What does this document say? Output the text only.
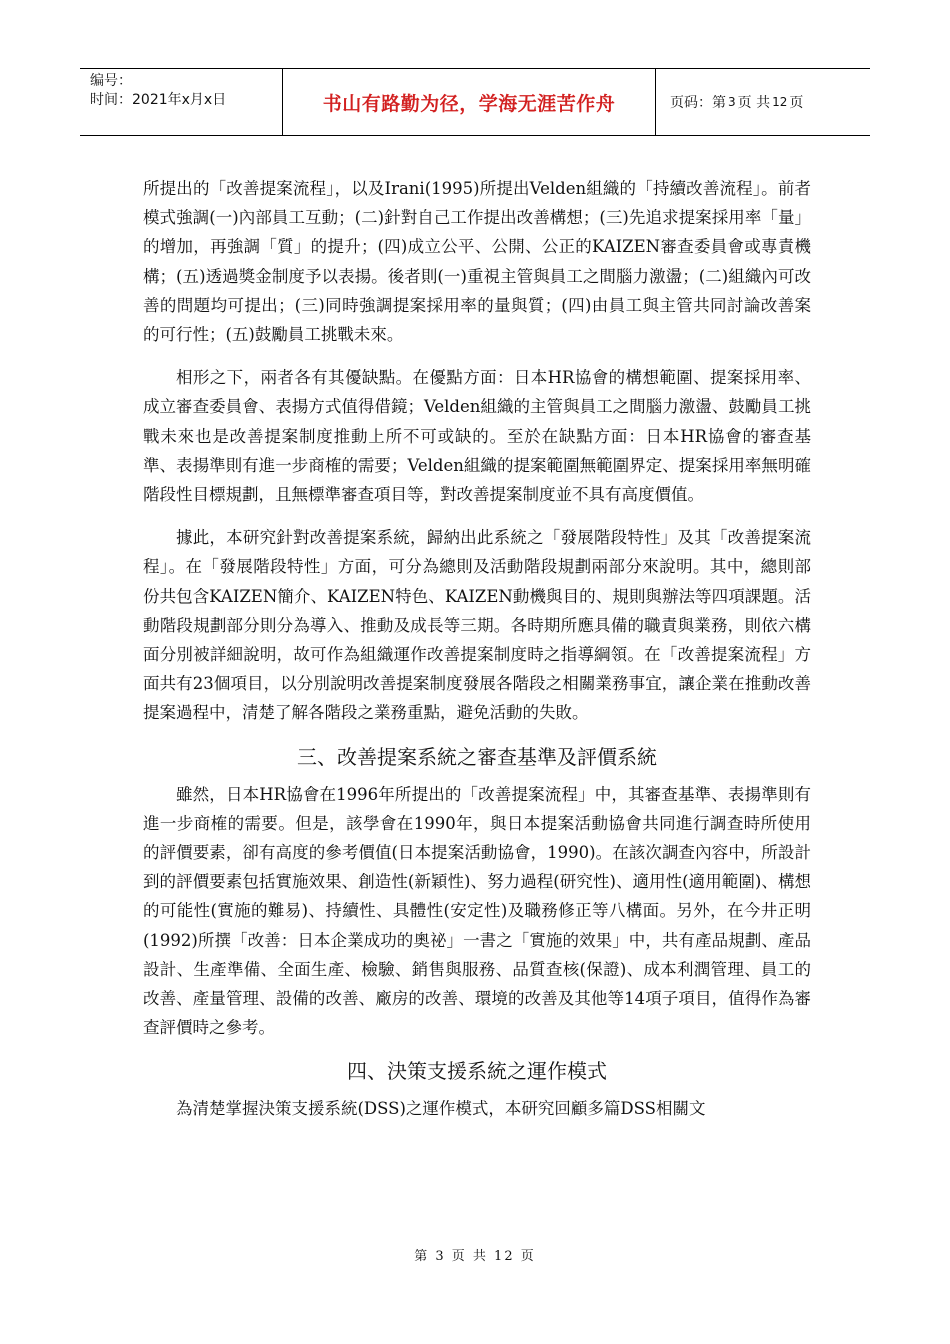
编号：
时间：2021年x月x日	书山有路勤为径，学海无涯苦作舟	页码：第 3 页 共 12 页

所提出的「改善提案流程」，以及Irani(1995)所提出Velden組織的「持續改善流程」。前者模式強調(一)內部員工互動；(二)針對自己工作提出改善構想；(三)先追求提案採用率「量」的增加，再強調「質」的提升；(四)成立公平、公開、公正的KAIZEN審查委員會或專責機構；(五)透過獎金制度予以表揚。後者則(一)重視主管與員工之間腦力激盪；(二)組織內可改善的問題均可提出；(三)同時強調提案採用率的量與質；(四)由員工與主管共同討論改善案的可行性；(五)鼓勵員工挑戰未來。

相形之下，兩者各有其優缺點。在優點方面：日本HR協會的構想範圍、提案採用率、成立審查委員會、表揚方式值得借鏡；Velden組織的主管與員工之間腦力激盪、鼓勵員工挑戰未來也是改善提案制度推動上所不可或缺的。至於在缺點方面：日本HR協會的審查基準、表揚準則有進一步商榷的需要；Velden組織的提案範圍無範圍界定、提案採用率無明確階段性目標規劃，且無標準審查項目等，對改善提案制度並不具有高度價值。

據此，本研究針對改善提案系統，歸納出此系統之「發展階段特性」及其「改善提案流程」。在「發展階段特性」方面，可分為總則及活動階段規劃兩部分來說明。其中，總則部份共包含KAIZEN簡介、KAIZEN特色、KAIZEN動機與目的、規則與辦法等四項課題。活動階段規劃部分則分為導入、推動及成長等三期。各時期所應具備的職責與業務，則依六構面分別被詳細說明，故可作為組織運作改善提案制度時之指導綱領。在「改善提案流程」方面共有23個項目，以分別說明改善提案制度發展各階段之相關業務事宜，讓企業在推動改善提案過程中，清楚了解各階段之業務重點，避免活動的失敗。

三、改善提案系統之審查基準及評價系統

雖然，日本HR協會在1996年所提出的「改善提案流程」中，其審查基準、表揚準則有進一步商榷的需要。但是，該學會在1990年，與日本提案活動協會共同進行調查時所使用的評價要素，卻有高度的參考價值(日本提案活動協會，1990)。在該次調查內容中，所設計到的評價要素包括實施效果、創造性(新穎性)、努力過程(研究性)、適用性(適用範圍)、構想的可能性(實施的難易)、持續性、具體性(安定性)及職務修正等八構面。另外，在今井正明(1992)所撰「改善：日本企業成功的奧祕」一書之「實施的效果」中，共有產品規劃、產品設計、生產準備、全面生產、檢驗、銷售與服務、品質查核(保證)、成本利潤管理、員工的改善、產量管理、設備的改善、廠房的改善、環境的改善及其他等14項子項目，值得作為審查評價時之參考。

四、決策支援系統之運作模式

為清楚掌握決策支援系統(DSS)之運作模式，本研究回顧多篇DSS相關文

第 3 页 共 12 页
